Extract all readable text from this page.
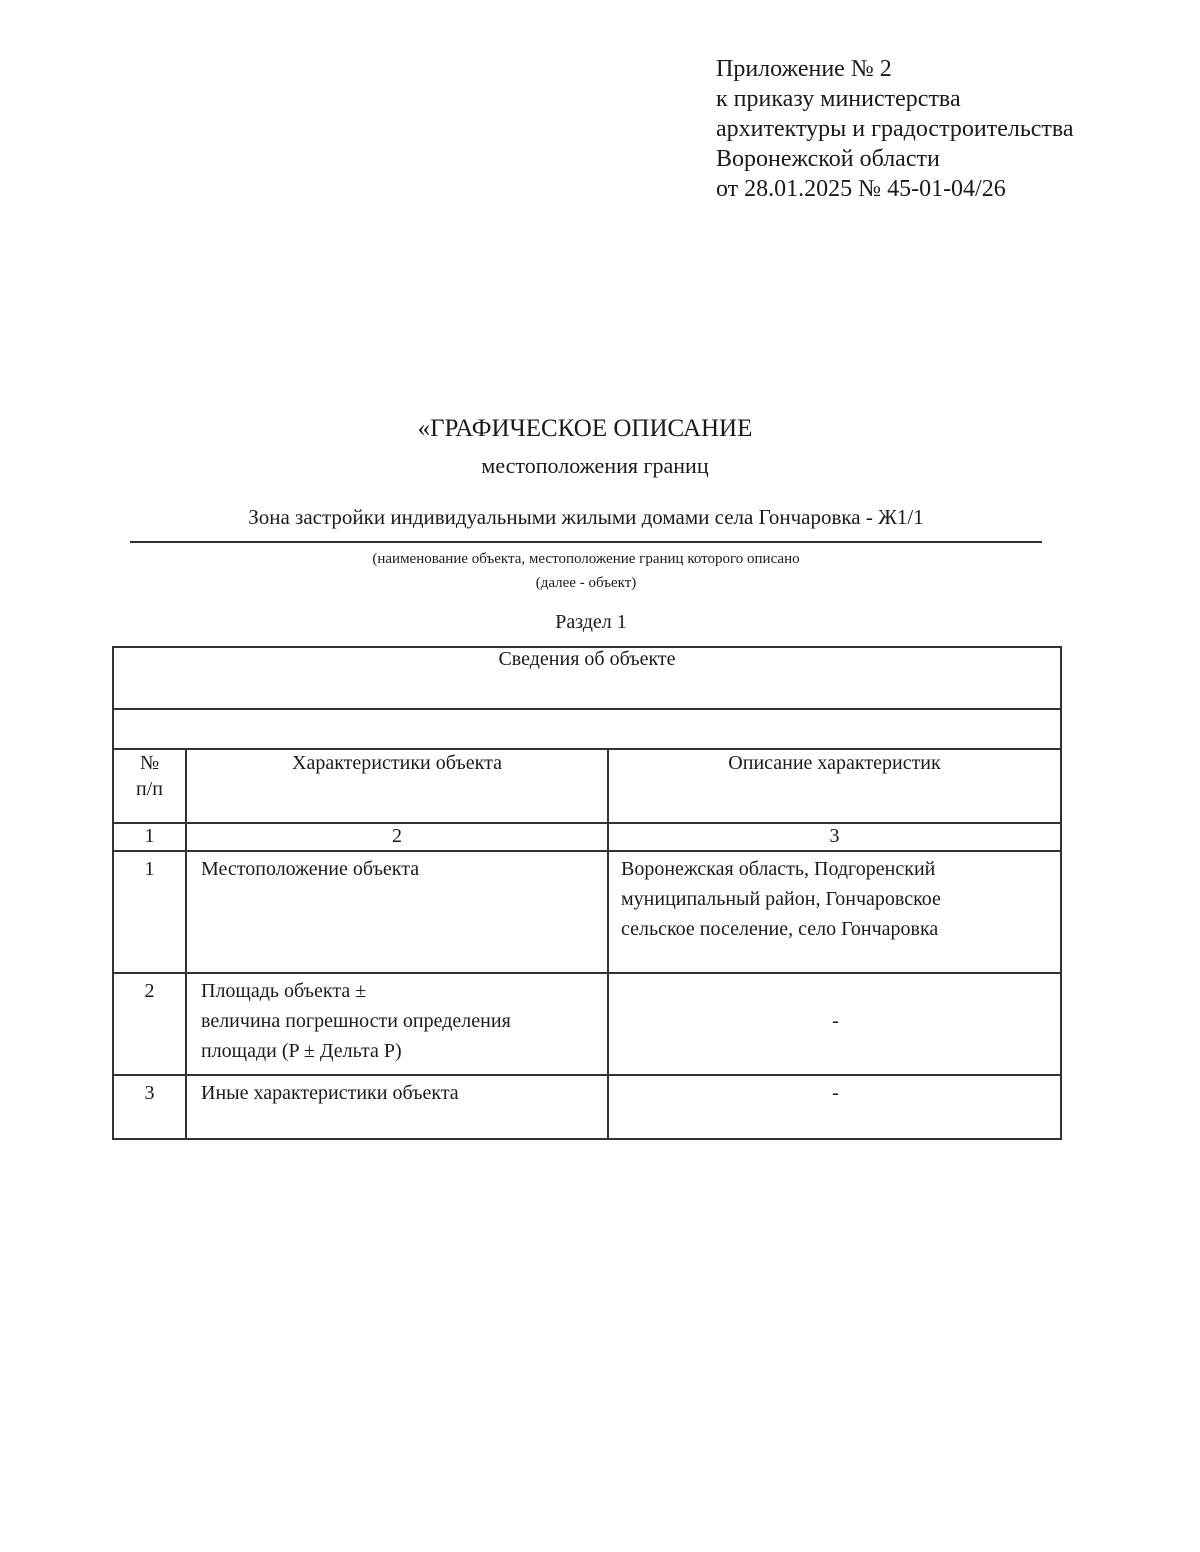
Приложение № 2
к приказу министерства
архитектуры и градостроительства
Воронежской области
от 28.01.2025 № 45-01-04/26
«ГРАФИЧЕСКОЕ ОПИСАНИЕ
местоположения границ
Зона застройки индивидуальными жилыми домами села Гончаровка - Ж1/1
(наименование объекта, местоположение границ которого описано
(далее - объект)
Раздел 1
Сведения об объекте		

№
п/п	Характеристики объекта	Описание характеристик
1	2	3
1	Местоположение объекта	Воронежская область, Подгоренский
муниципальный район, Гончаровское
сельское поселение, село Гончаровка

2	Площадь объекта ±
величина погрешности определения
площади (P ± Дельта P)	-

3	Иные характеристики объекта	-
